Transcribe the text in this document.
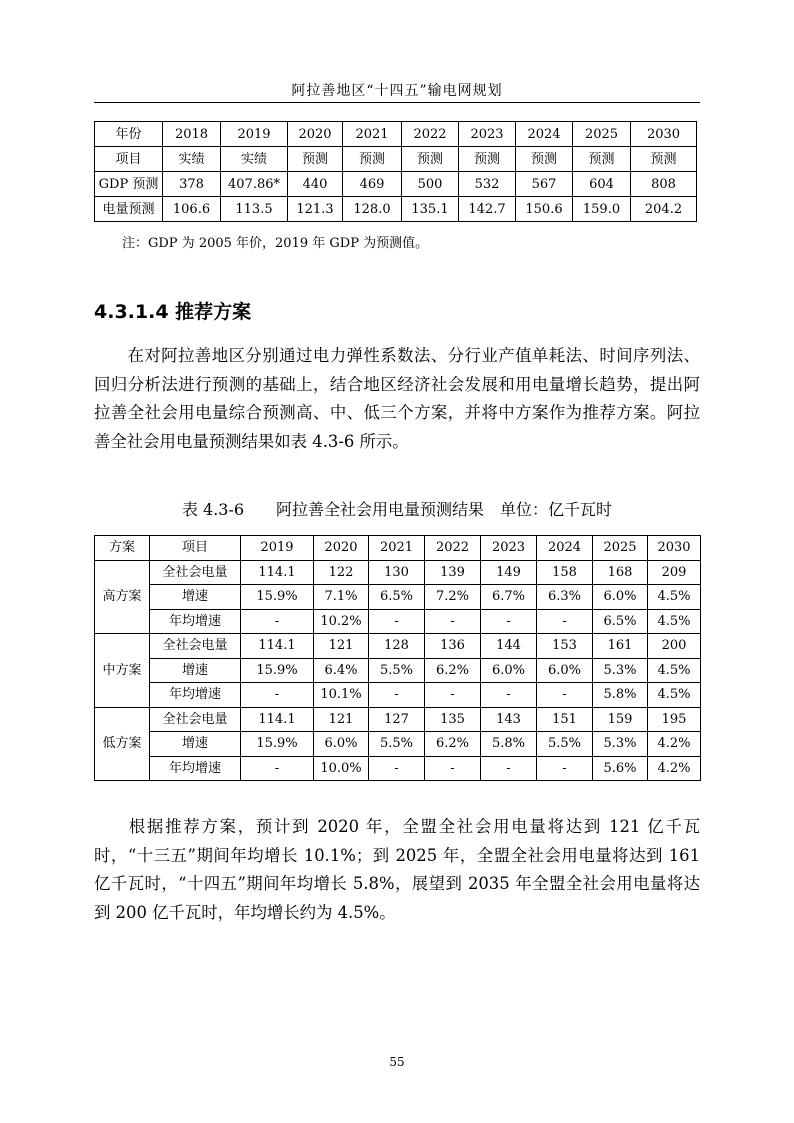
阿拉善地区“十四五”输电网规划
年份	2018	2019	2020	2021	2022	2023	2024	2025	2030
项目	实绩	实绩	预测	预测	预测	预测	预测	预测	预测
GDP 预测	378	407.86*	440	469	500	532	567	604	808
电量预测	106.6	113.5	121.3	128.0	135.1	142.7	150.6	159.0	204.2
注：GDP 为 2005 年价，2019 年 GDP 为预测值。
4.3.1.4 推荐方案

在对阿拉善地区分别通过电力弹性系数法、分行业产值单耗法、时间序列法、回归分析法进行预测的基础上，结合地区经济社会发展和用电量增长趋势，提出阿拉善全社会用电量综合预测高、中、低三个方案，并将中方案作为推荐方案。阿拉善全社会用电量预测结果如表 4.3-6 所示。

表 4.3-6　　阿拉善全社会用电量预测结果　单位：亿千瓦时
方案	项目	2019	2020	2021	2022	2023	2024	2025	2030
高方案	全社会电量	114.1	122	130	139	149	158	168	209
	增速	15.9%	7.1%	6.5%	7.2%	6.7%	6.3%	6.0%	4.5%
	年均增速	-	10.2%	-	-	-	-	6.5%	4.5%
中方案	全社会电量	114.1	121	128	136	144	153	161	200
	增速	15.9%	6.4%	5.5%	6.2%	6.0%	6.0%	5.3%	4.5%
	年均增速	-	10.1%	-	-	-	-	5.8%	4.5%
低方案	全社会电量	114.1	121	127	135	143	151	159	195
	增速	15.9%	6.0%	5.5%	6.2%	5.8%	5.5%	5.3%	4.2%
	年均增速	-	10.0%	-	-	-	-	5.6%	4.2%

根据推荐方案，预计到 2020 年，全盟全社会用电量将达到 121 亿千瓦时，“十三五”期间年均增长 10.1%；到 2025 年，全盟全社会用电量将达到 161 亿千瓦时，“十四五”期间年均增长 5.8%，展望到 2035 年全盟全社会用电量将达到 200 亿千瓦时，年均增长约为 4.5%。

55
